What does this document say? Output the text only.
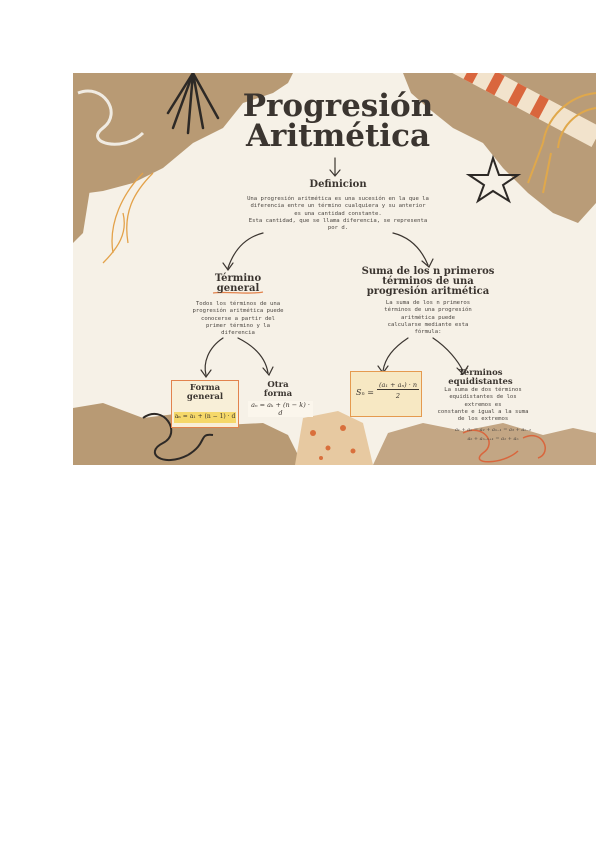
Progresión
Aritmética
Definicion
Una progresión aritmética es una sucesión en la que la
diferencia entre un término cualquiera y su anterior
es una cantidad constante.
Esta cantidad, que se llama diferencia, se representa
por d.
Término
general
Todos los términos de una
progresión aritmética puede
conocerse a partir del
primer término y la
diferencia
Suma de los n primeros
términos de una
progresión aritmética
La suma de los n primeros
términos de una progresión
aritmética puede
calcularse mediante esta
fórmula:
Forma
general
aₙ = a₁ + (n − 1) · d
Otra
forma
aₙ = aₖ + (n − k) · d
Sₙ =
(a₁ + aₙ) · n
2
Términos
equidistantes
La suma de dos términos
equidistantes de los
extremos es
constante e igual a la suma
de los extremos
a₁ + aₙ = a₂ + aₙ₋₁ = a₃ + aₙ₋₂
aₖ + aₙ₋ₖ₊₁ = a₁ + aₙ
